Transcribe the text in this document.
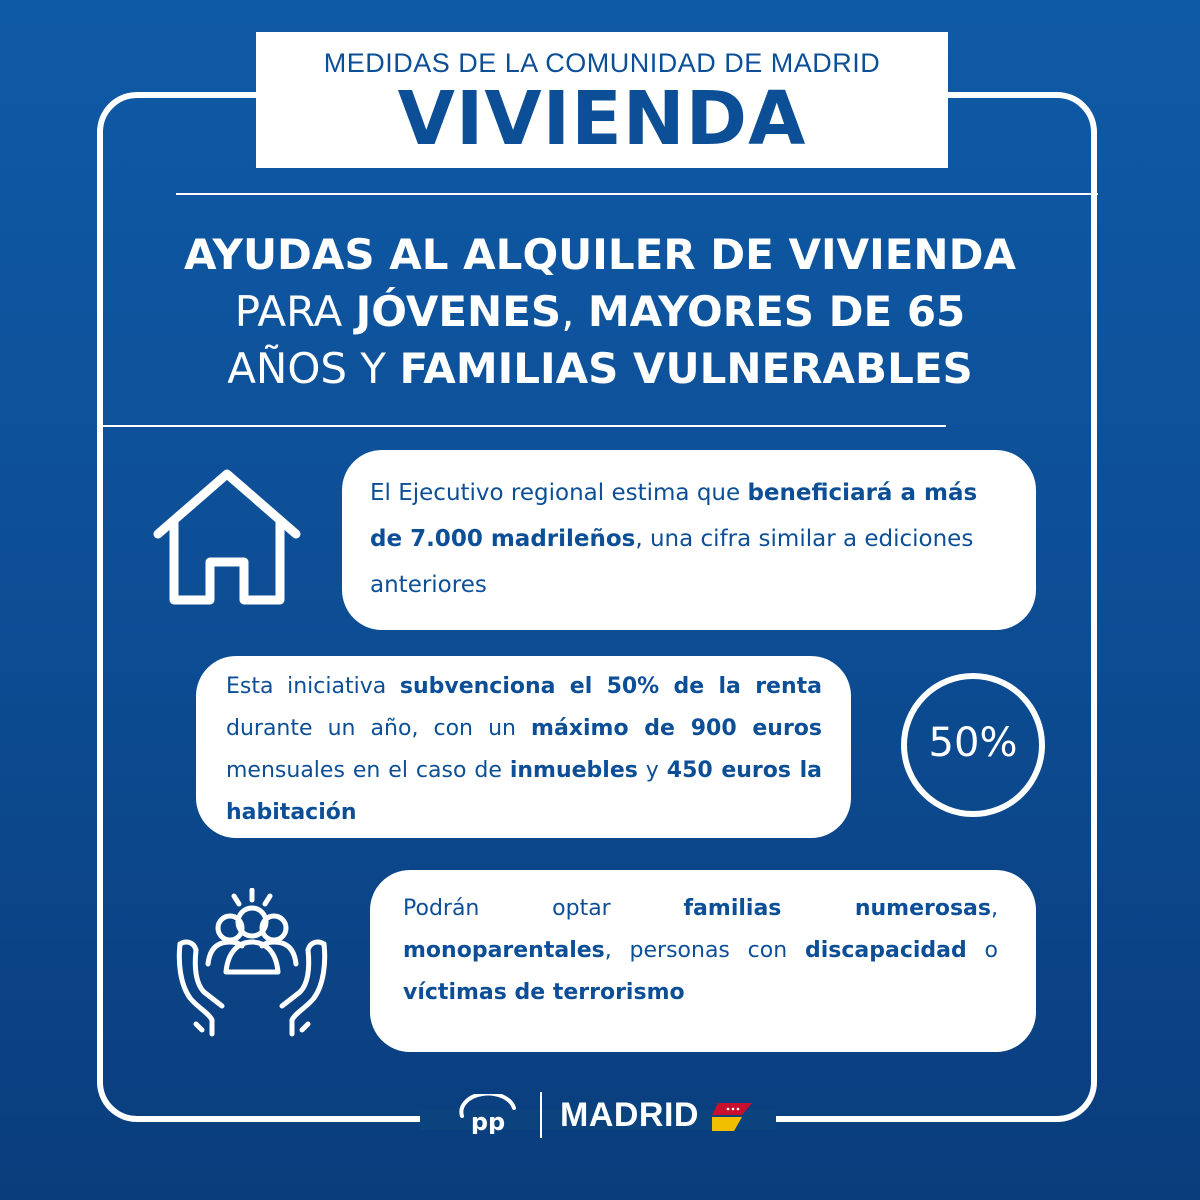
MEDIDAS DE LA COMUNIDAD DE MADRID
VIVIENDA
AYUDAS AL ALQUILER DE VIVIENDA
PARA JÓVENES, MAYORES DE 65
AÑOS Y FAMILIAS VULNERABLES
El Ejecutivo regional estima que beneficiará a más de 7.000 madrileños, una cifra similar a ediciones anteriores
Esta iniciativa subvenciona el 50% de la renta durante un año, con un máximo de 900 euros mensuales en el caso de inmuebles y 450 euros la habitación
50%
Podrán optar familias numerosas, monoparentales, personas con discapacidad o víctimas de terrorismo
pp MADRID
